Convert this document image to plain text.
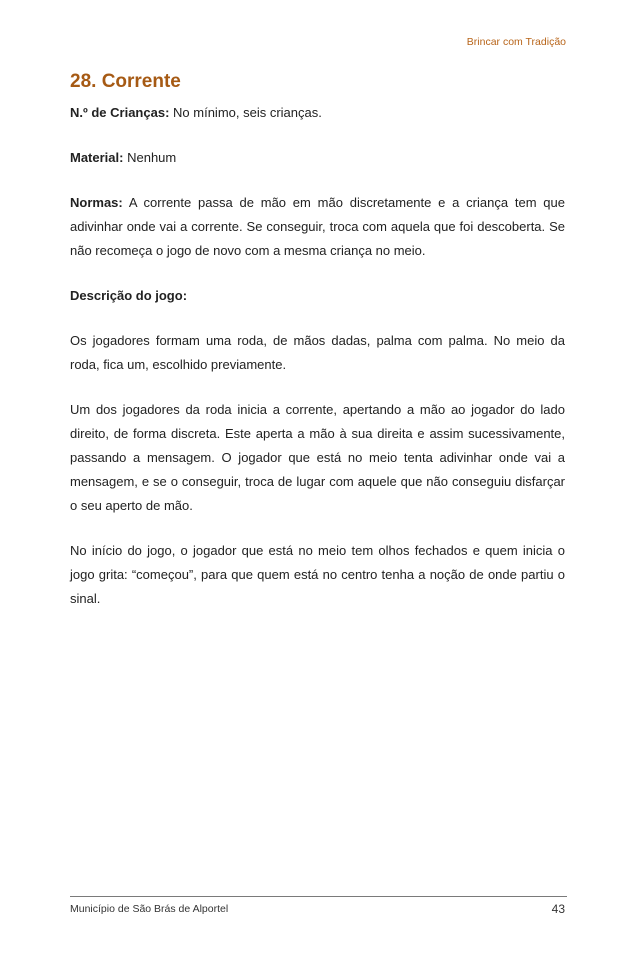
Brincar com Tradição
28. Corrente

N.º de Crianças: No mínimo, seis crianças.

Material: Nenhum

Normas: A corrente passa de mão em mão discretamente e a criança tem que adivinhar onde vai a corrente. Se conseguir, troca com aquela que foi descoberta. Se não recomeça o jogo de novo com a mesma criança no meio.

Descrição do jogo:

Os jogadores formam uma roda, de mãos dadas, palma com palma. No meio da roda, fica um, escolhido previamente.

Um dos jogadores da roda inicia a corrente, apertando a mão ao jogador do lado direito, de forma discreta. Este aperta a mão à sua direita e assim sucessivamente, passando a mensagem. O jogador que está no meio tenta adivinhar onde vai a mensagem, e se o conseguir, troca de lugar com aquele que não conseguiu disfarçar o seu aperto de mão.

No início do jogo, o jogador que está no meio tem olhos fechados e quem inicia o jogo grita: “começou”, para que quem está no centro tenha a noção de onde partiu o sinal.

Município de São Brás de Alportel	43
